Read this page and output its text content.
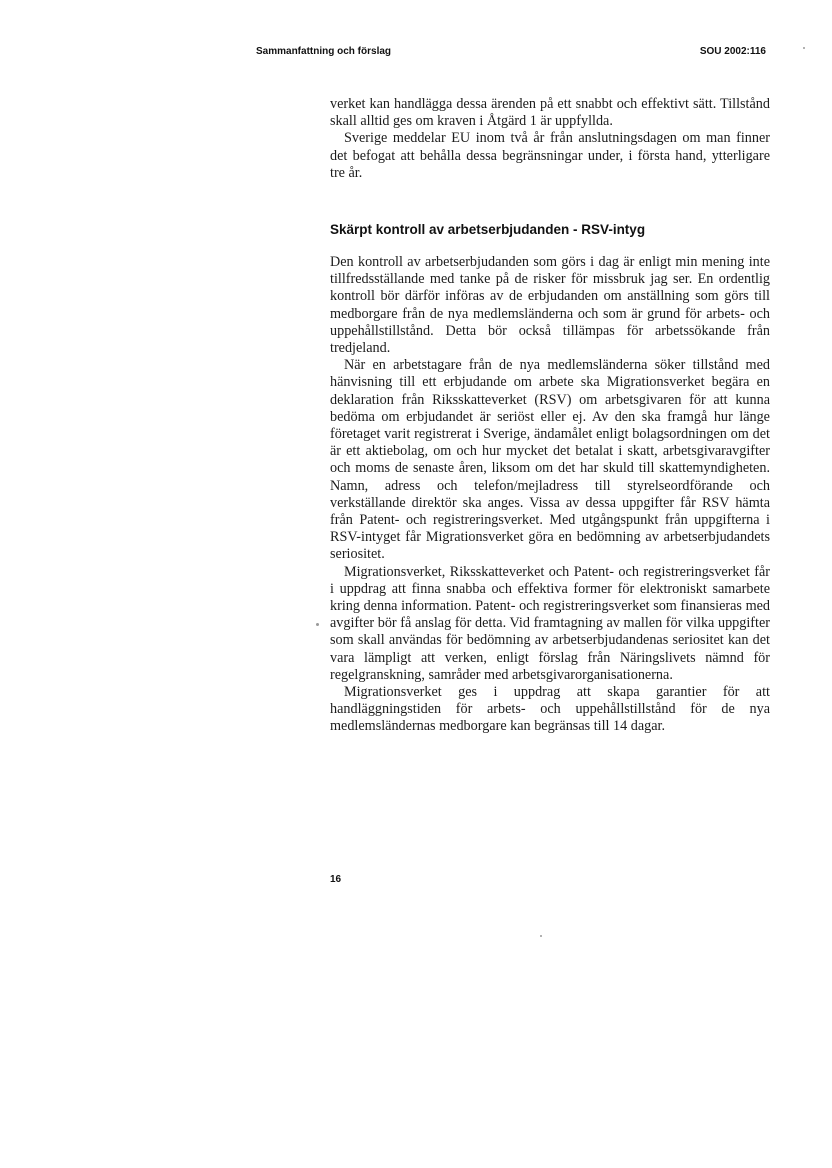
Sammanfattning och förslag	SOU 2002:116

verket kan handlägga dessa ärenden på ett snabbt och effektivt sätt. Tillstånd skall alltid ges om kraven i Åtgärd 1 är uppfyllda.

Sverige meddelar EU inom två år från anslutningsdagen om man finner det befogat att behålla dessa begränsningar under, i första hand, ytterligare tre år.

Skärpt kontroll av arbetserbjudanden - RSV-intyg

Den kontroll av arbetserbjudanden som görs i dag är enligt min mening inte tillfredsställande med tanke på de risker för missbruk jag ser. En ordentlig kontroll bör därför införas av de erbjudanden om anställning som görs till medborgare från de nya medlemsländerna och som är grund för arbets- och uppehållstillstånd. Detta bör också tillämpas för arbetssökande från tredjeland.

När en arbetstagare från de nya medlemsländerna söker tillstånd med hänvisning till ett erbjudande om arbete ska Migrationsverket begära en deklaration från Riksskatteverket (RSV) om arbetsgivaren för att kunna bedöma om erbjudandet är seriöst eller ej. Av den ska framgå hur länge företaget varit registrerat i Sverige, ändamålet enligt bolagsordningen om det är ett aktiebolag, om och hur mycket det betalat i skatt, arbetsgivaravgifter och moms de senaste åren, liksom om det har skuld till skattemyndigheten. Namn, adress och telefon/mejladress till styrelseordförande och verkställande direktör ska anges. Vissa av dessa uppgifter får RSV hämta från Patent- och registreringsverket. Med utgångspunkt från uppgifterna i RSV-intyget får Migrationsverket göra en bedömning av arbetserbjudandets seriositet.

Migrationsverket, Riksskatteverket och Patent- och registreringsverket får i uppdrag att finna snabba och effektiva former för elektroniskt samarbete kring denna information. Patent- och registreringsverket som finansieras med avgifter bör få anslag för detta. Vid framtagning av mallen för vilka uppgifter som skall användas för bedömning av arbetserbjudandenas seriositet kan det vara lämpligt att verken, enligt förslag från Näringslivets nämnd för regelgranskning, samråder med arbetsgivarorganisationerna.

Migrationsverket ges i uppdrag att skapa garantier för att handläggningstiden för arbets- och uppehållstillstånd för de nya medlemsländernas medborgare kan begränsas till 14 dagar.

16
